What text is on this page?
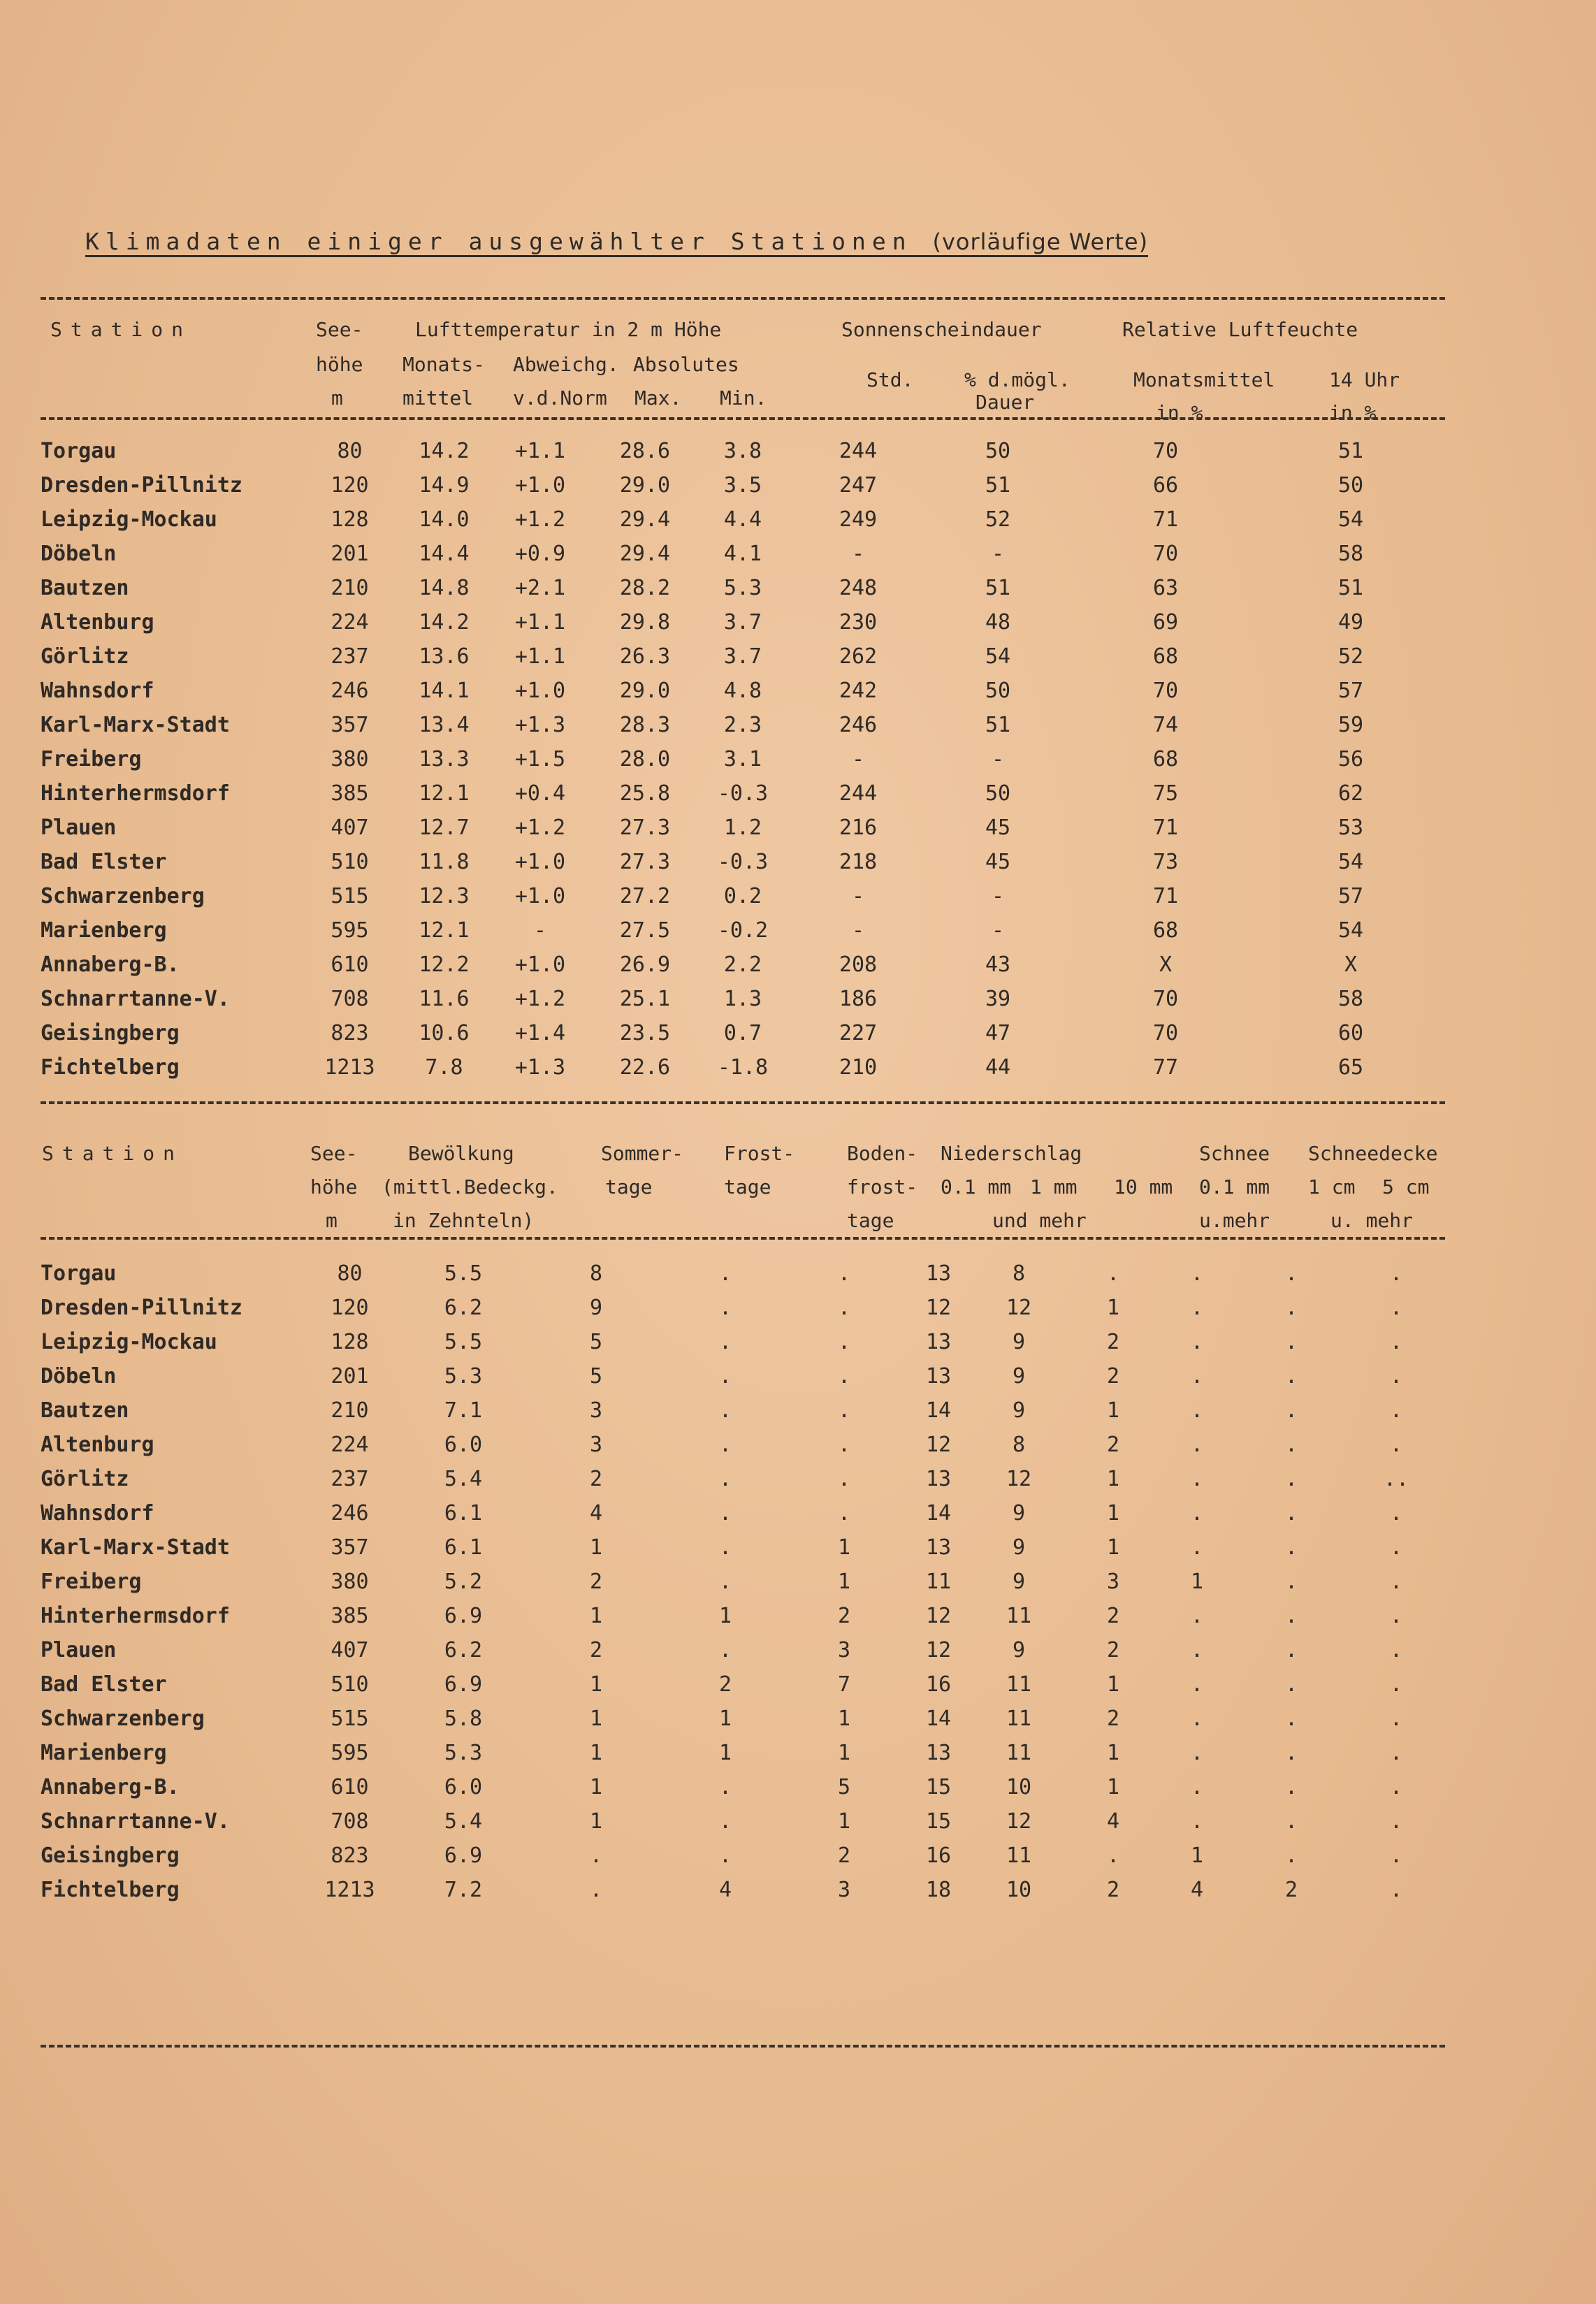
Klimadaten einiger ausgewählter Stationen (vorläufige Werte)
Station	See-
höhe
m
Lufttemperatur in 2 m Höhe
Monats-
mittel
Abweichg.
v.d.Norm
Absolutes
Max. Min.
Sonnenscheindauer
Std.	% d.mögl.
Dauer
Relative Luftfeuchte
Monatsmittel
in %
14 Uhr
in %
Torgau	80	14.2	+1.1	28.6	3.8	244	50	70	51
Dresden-Pillnitz	120	14.9	+1.0	29.0	3.5	247	51	66	50
Leipzig-Mockau	128	14.0	+1.2	29.4	4.4	249	52	71	54
Döbeln	201	14.4	+0.9	29.4	4.1	-	-	70	58
Bautzen	210	14.8	+2.1	28.2	5.3	248	51	63	51
Altenburg	224	14.2	+1.1	29.8	3.7	230	48	69	49
Görlitz	237	13.6	+1.1	26.3	3.7	262	54	68	52
Wahnsdorf	246	14.1	+1.0	29.0	4.8	242	50	70	57
Karl-Marx-Stadt	357	13.4	+1.3	28.3	2.3	246	51	74	59
Freiberg	380	13.3	+1.5	28.0	3.1	-	-	68	56
Hinterhermsdorf	385	12.1	+0.4	25.8	-0.3	244	50	75	62
Plauen	407	12.7	+1.2	27.3	1.2	216	45	71	53
Bad Elster	510	11.8	+1.0	27.3	-0.3	218	45	73	54
Schwarzenberg	515	12.3	+1.0	27.2	0.2	-	-	71	57
Marienberg	595	12.1	-	27.5	-0.2	-	-	68	54
Annaberg-B.	610	12.2	+1.0	26.9	2.2	208	43	X	X
Schnarrtanne-V.	708	11.6	+1.2	25.1	1.3	186	39	70	58
Geisingberg	823	10.6	+1.4	23.5	0.7	227	47	70	60
Fichtelberg	1213	7.8	+1.3	22.6	-1.8	210	44	77	65
Station	See-
höhe
m
Bewölkung
(mittl.Bedeckg.
in Zehnteln)
Sommer-
tage
Frost-
tage
Boden-
frost-
tage
Niederschlag
0.1 mm 1 mm 10 mm
und mehr
Schnee
0.1 mm
u.mehr
Schneedecke
1 cm 5 cm
u. mehr
Torgau	80	5.5	8	.	.	13	8	.	.	.	.
Dresden-Pillnitz	120	6.2	9	.	.	12	12	1	.	.	.
Leipzig-Mockau	128	5.5	5	.	.	13	9	2	.	.	.
Döbeln	201	5.3	5	.	.	13	9	2	.	.	.
Bautzen	210	7.1	3	.	.	14	9	1	.	.	.
Altenburg	224	6.0	3	.	.	12	8	2	.	.	.
Görlitz	237	5.4	2	.	.	13	12	1	.	.	..
Wahnsdorf	246	6.1	4	.	.	14	9	1	.	.	.
Karl-Marx-Stadt	357	6.1	1	.	1	13	9	1	.	.	.
Freiberg	380	5.2	2	.	1	11	9	3	1	.	.
Hinterhermsdorf	385	6.9	1	1	2	12	11	2	.	.	.
Plauen	407	6.2	2	.	3	12	9	2	.	.	.
Bad Elster	510	6.9	1	2	7	16	11	1	.	.	.
Schwarzenberg	515	5.8	1	1	1	14	11	2	.	.	.
Marienberg	595	5.3	1	1	1	13	11	1	.	.	.
Annaberg-B.	610	6.0	1	.	5	15	10	1	.	.	.
Schnarrtanne-V.	708	5.4	1	.	1	15	12	4	.	.	.
Geisingberg	823	6.9	.	.	2	16	11	.	1	.	.
Fichtelberg	1213	7.2	.	4	3	18	10	2	4	2	.
